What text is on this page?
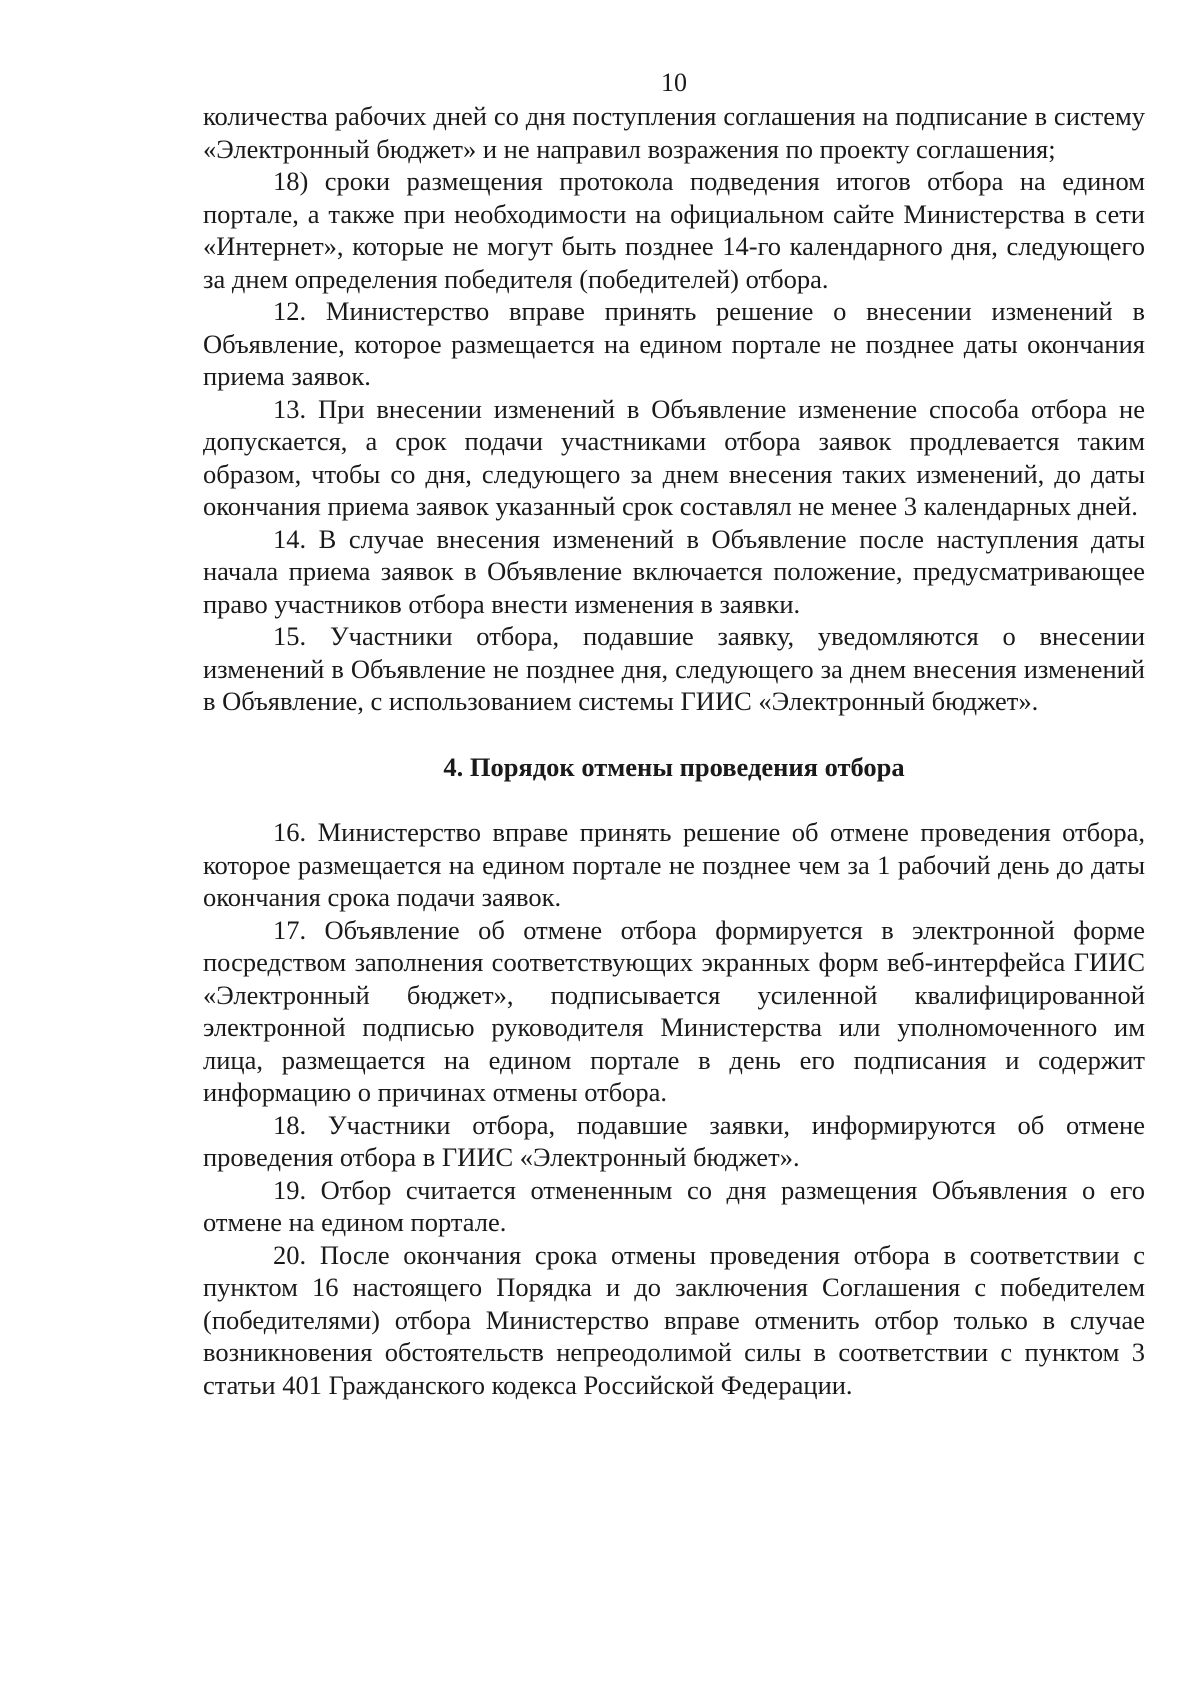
10

количества рабочих дней со дня поступления соглашения на подписание в систему «Электронный бюджет» и не направил возражения по проекту соглашения;

18) сроки размещения протокола подведения итогов отбора на едином портале, а также при необходимости на официальном сайте Министерства в сети «Интернет», которые не могут быть позднее 14-го календарного дня, следующего за днем определения победителя (победителей) отбора.

12. Министерство вправе принять решение о внесении изменений в Объявление, которое размещается на едином портале не позднее даты окончания приема заявок.

13. При внесении изменений в Объявление изменение способа отбора не допускается, а срок подачи участниками отбора заявок продлевается таким образом, чтобы со дня, следующего за днем внесения таких изменений, до даты окончания приема заявок указанный срок составлял не менее 3 календарных дней.

14. В случае внесения изменений в Объявление после наступления даты начала приема заявок в Объявление включается положение, предусматривающее право участников отбора внести изменения в заявки.

15. Участники отбора, подавшие заявку, уведомляются о внесении изменений в Объявление не позднее дня, следующего за днем внесения изменений в Объявление, с использованием системы ГИИС «Электронный бюджет».

4. Порядок отмены проведения отбора

16. Министерство вправе принять решение об отмене проведения отбора, которое размещается на едином портале не позднее чем за 1 рабочий день до даты окончания срока подачи заявок.

17. Объявление об отмене отбора формируется в электронной форме посредством заполнения соответствующих экранных форм веб-интерфейса ГИИС «Электронный бюджет», подписывается усиленной квалифицированной электронной подписью руководителя Министерства или уполномоченного им лица, размещается на едином портале в день его подписания и содержит информацию о причинах отмены отбора.

18. Участники отбора, подавшие заявки, информируются об отмене проведения отбора в ГИИС «Электронный бюджет».

19. Отбор считается отмененным со дня размещения Объявления о его отмене на едином портале.

20. После окончания срока отмены проведения отбора в соответствии с пунктом 16 настоящего Порядка и до заключения Соглашения с победителем (победителями) отбора Министерство вправе отменить отбор только в случае возникновения обстоятельств непреодолимой силы в соответствии с пунктом 3 статьи 401 Гражданского кодекса Российской Федерации.
